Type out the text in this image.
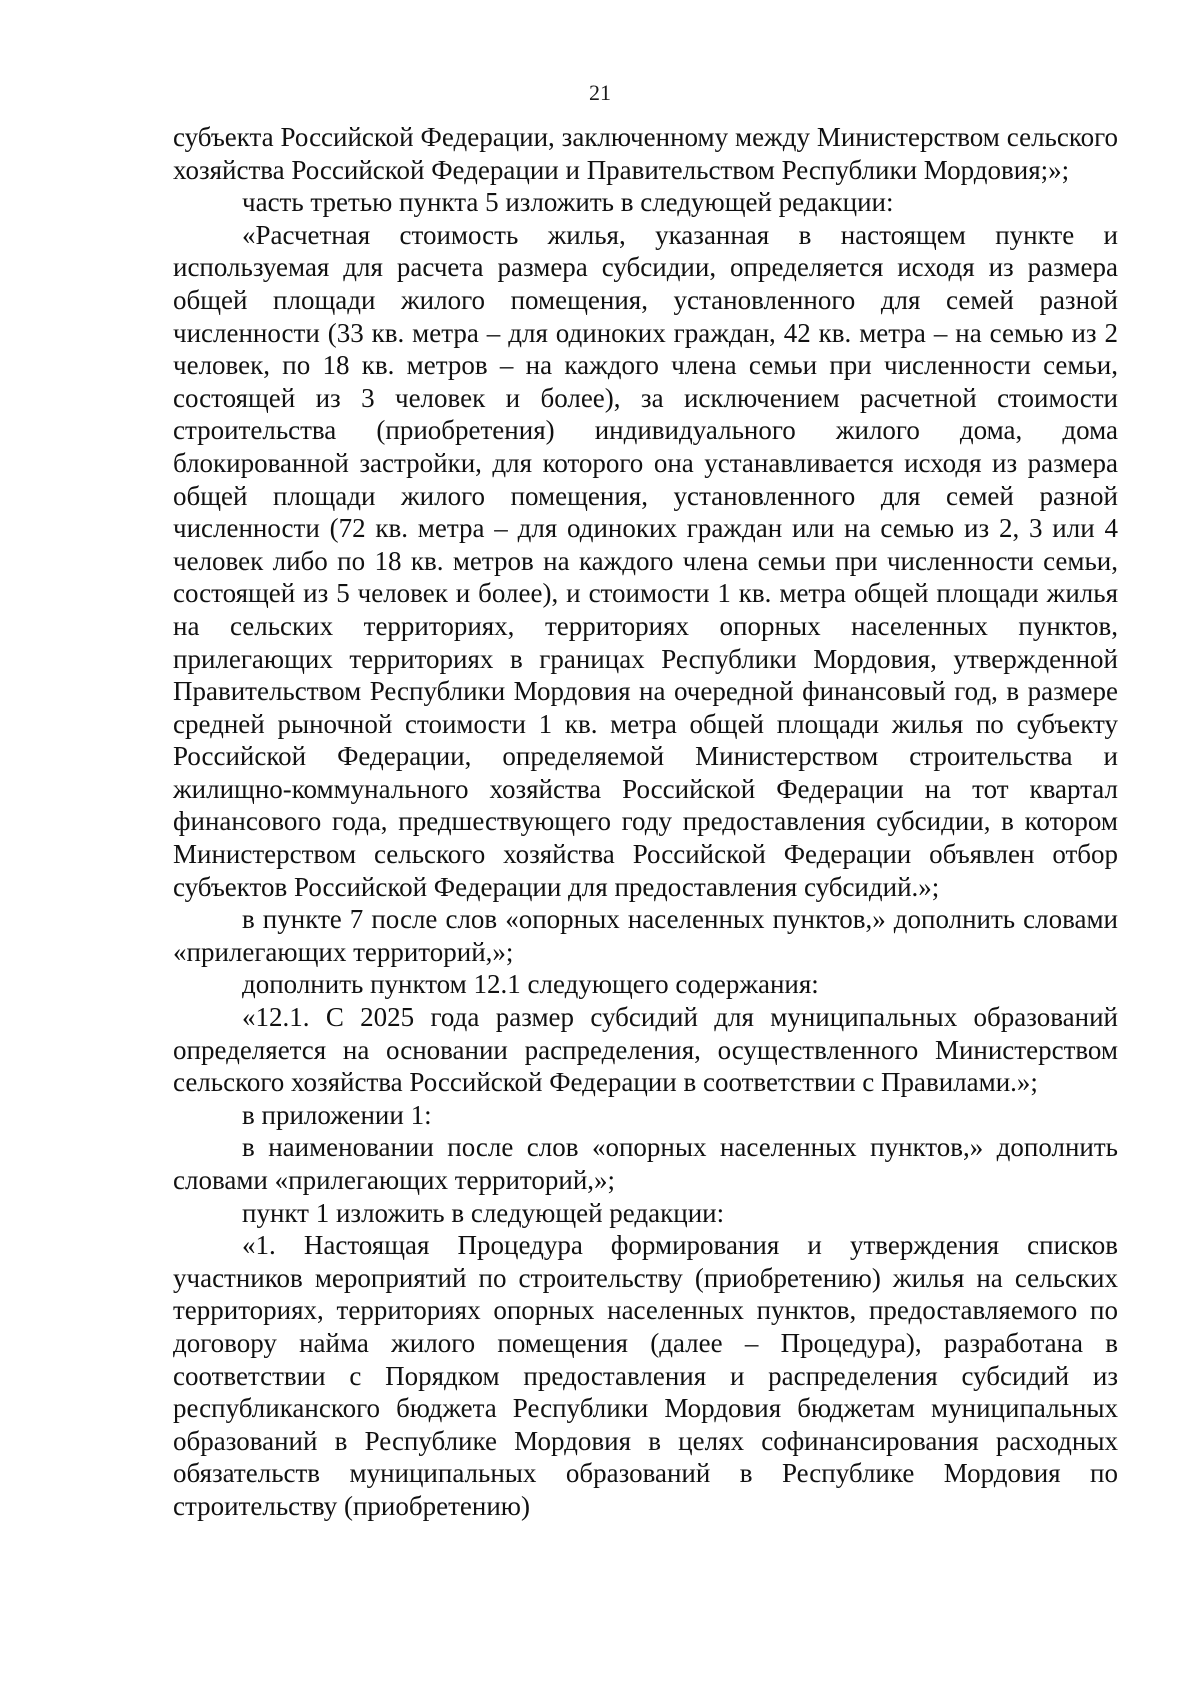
21

субъекта Российской Федерации, заключенному между Министерством сельского хозяйства Российской Федерации и Правительством Республики Мордовия;»;

часть третью пункта 5 изложить в следующей редакции:

«Расчетная стоимость жилья, указанная в настоящем пункте и используемая для расчета размера субсидии, определяется исходя из размера общей площади жилого помещения, установленного для семей разной численности (33 кв. метра – для одиноких граждан, 42 кв. метра – на семью из 2 человек, по 18 кв. метров – на каждого члена семьи при численности семьи, состоящей из 3 человек и более), за исключением расчетной стоимости строительства (приобретения) индивидуального жилого дома, дома блокированной застройки, для которого она устанавливается исходя из размера общей площади жилого помещения, установленного для семей разной численности (72 кв. метра – для одиноких граждан или на семью из 2, 3 или 4 человек либо по 18 кв. метров на каждого члена семьи при численности семьи, состоящей из 5 человек и более), и стоимости 1 кв. метра общей площади жилья на сельских территориях, территориях опорных населенных пунктов, прилегающих территориях в границах Республики Мордовия, утвержденной Правительством Республики Мордовия на очередной финансовый год, в размере средней рыночной стоимости 1 кв. метра общей площади жилья по субъекту Российской Федерации, определяемой Министерством строительства и жилищно-коммунального хозяйства Российской Федерации на тот квартал финансового года, предшествующего году предоставления субсидии, в котором Министерством сельского хозяйства Российской Федерации объявлен отбор субъектов Российской Федерации для предоставления субсидий.»;

в пункте 7 после слов «опорных населенных пунктов,» дополнить словами «прилегающих территорий,»;

дополнить пунктом 12.1 следующего содержания:

«12.1. С 2025 года размер субсидий для муниципальных образований определяется на основании распределения, осуществленного Министерством сельского хозяйства Российской Федерации в соответствии с Правилами.»;

в приложении 1:

в наименовании после слов «опорных населенных пунктов,» дополнить словами «прилегающих территорий,»;

пункт 1 изложить в следующей редакции:

«1. Настоящая Процедура формирования и утверждения списков участников мероприятий по строительству (приобретению) жилья на сельских территориях, территориях опорных населенных пунктов, предоставляемого по договору найма жилого помещения (далее – Процедура), разработана в соответствии с Порядком предоставления и распределения субсидий из республиканского бюджета Республики Мордовия бюджетам муниципальных образований в Республике Мордовия в целях софинансирования расходных обязательств муниципальных образований в Республике Мордовия по строительству (приобретению)
